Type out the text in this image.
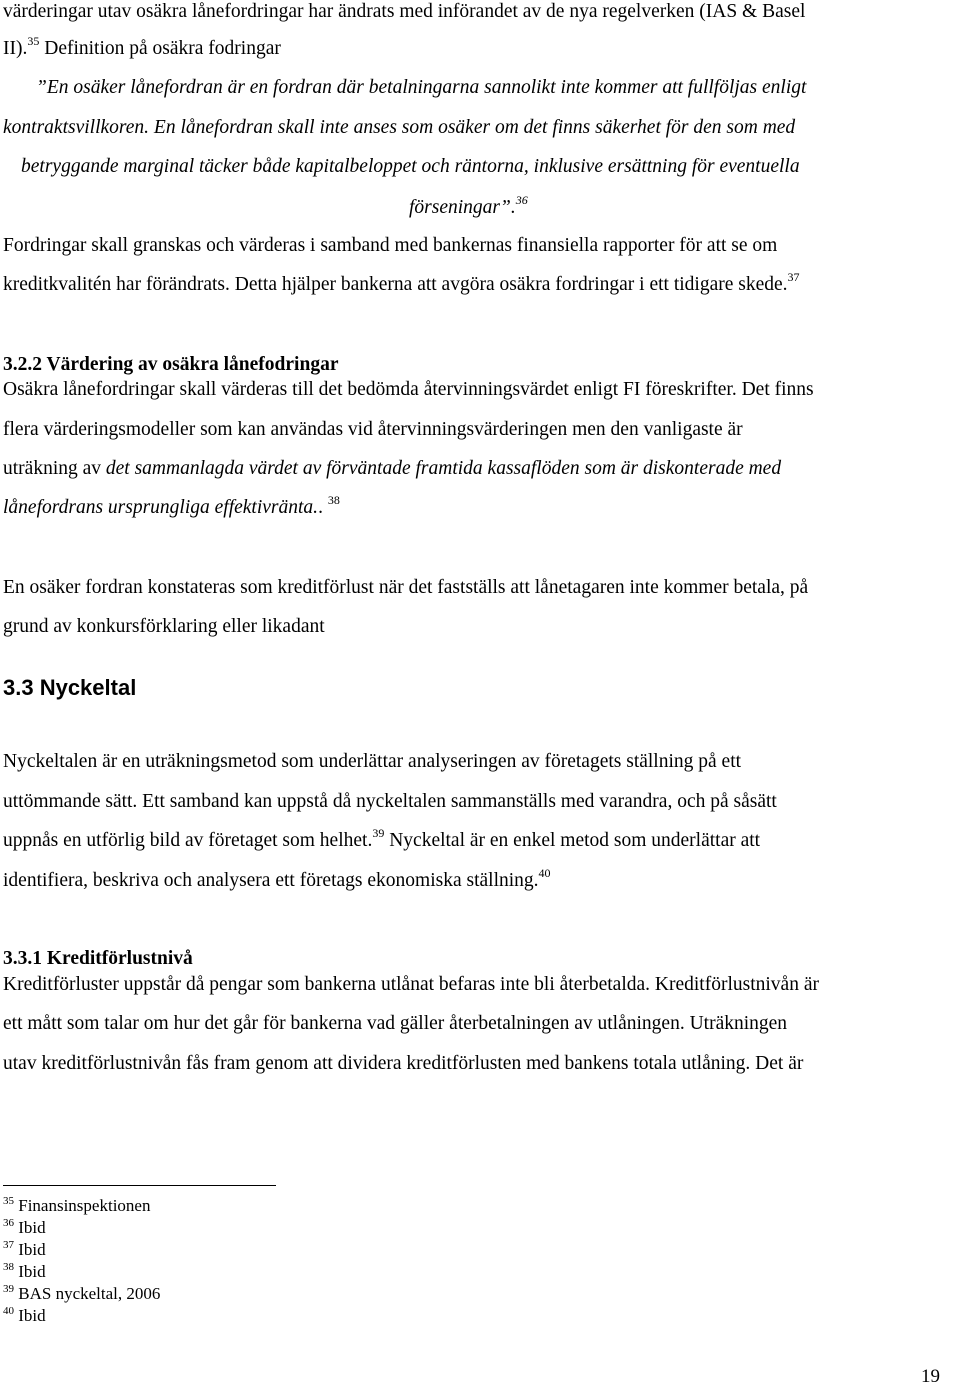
värderingar utav osäkra lånefordringar har ändrats med införandet av de nya regelverken (IAS & Basel
II).$^{35}$ Definition på osäkra fodringar
”En osäker lånefordran är en fordran där betalningarna sannolikt inte kommer att fullföljas enligt
kontraktsvillkoren. En lånefordran skall inte anses som osäker om det finns säkerhet för den som med
betryggande marginal täcker både kapitalbeloppet och räntorna, inklusive ersättning för eventuella
förseningar”.$^{36}$
Fordringar skall granskas och värderas i samband med bankernas finansiella rapporter för att se om
kreditkvalitén har förändrats. Detta hjälper bankerna att avgöra osäkra fordringar i ett tidigare skede.$^{37}$
3.2.2 Värdering av osäkra lånefodringar
Osäkra lånefordringar skall värderas till det bedömda återvinningsvärdet enligt FI föreskrifter. Det finns
flera värderingsmodeller som kan användas vid återvinningsvärderingen men den vanligaste är
uträkning av det sammanlagda värdet av förväntade framtida kassaflöden som är diskonterade med
lånefordrans ursprungliga effektivränta.. $^{38}$
En osäker fordran konstateras som kreditförlust när det fastställs att lånetagaren inte kommer betala, på
grund av konkursförklaring eller likadant
3.3 Nyckeltal
Nyckeltalen är en uträkningsmetod som underlättar analyseringen av företagets ställning på ett
uttömmande sätt. Ett samband kan uppstå då nyckeltalen sammanställs med varandra, och på såsätt
uppnås en utförlig bild av företaget som helhet.$^{39}$ Nyckeltal är en enkel metod som underlättar att
identifiera, beskriva och analysera ett företags ekonomiska ställning.$^{40}$
3.3.1 Kreditförlustnivå
Kreditförluster uppstår då pengar som bankerna utlånat befaras inte bli återbetalda. Kreditförlustnivån är
ett mått som talar om hur det går för bankerna vad gäller återbetalningen av utlåningen. Uträkningen
utav kreditförlustnivån fås fram genom att dividera kreditförlusten med bankens totala utlåning. Det är
$^{35}$ Finansinspektionen
$^{36}$ Ibid
$^{37}$ Ibid
$^{38}$ Ibid
$^{39}$ BAS nyckeltal, 2006
$^{40}$ Ibid
19
